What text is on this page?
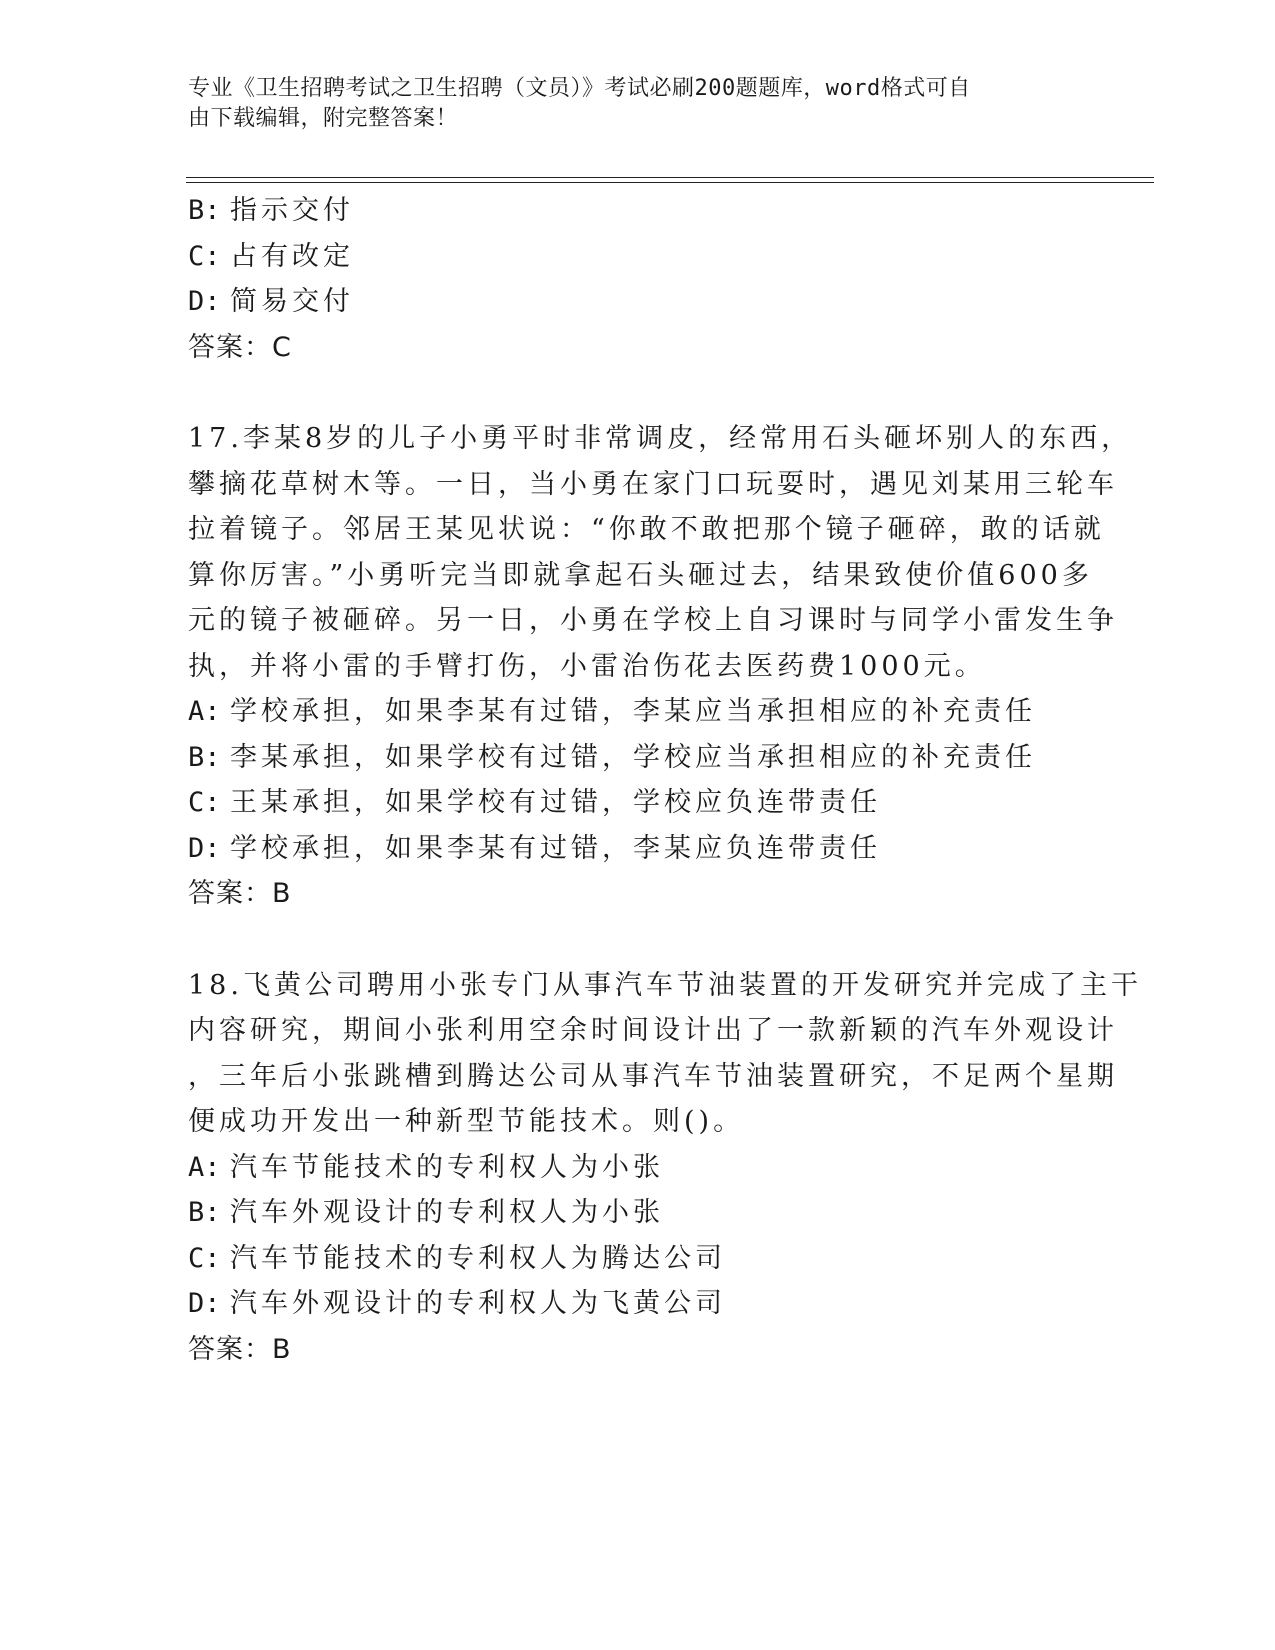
专业《卫生招聘考试之卫生招聘（文员）》考试必刷200题题库，word格式可自
由下载编辑，附完整答案！

B: 指示交付

C: 占有改定

D: 简易交付

答案：C

17.李某8岁的儿子小勇平时非常调皮，经常用石头砸坏别人的东西，

攀摘花草树木等。一日，当小勇在家门口玩耍时，遇见刘某用三轮车

拉着镜子。邻居王某见状说：“你敢不敢把那个镜子砸碎，敢的话就

算你厉害。”小勇听完当即就拿起石头砸过去，结果致使价值600多

元的镜子被砸碎。另一日，小勇在学校上自习课时与同学小雷发生争

执，并将小雷的手臂打伤，小雷治伤花去医药费1000元。

A: 学校承担，如果李某有过错，李某应当承担相应的补充责任

B: 李某承担，如果学校有过错，学校应当承担相应的补充责任

C: 王某承担，如果学校有过错，学校应负连带责任

D: 学校承担，如果李某有过错，李某应负连带责任

答案：B

18.飞黄公司聘用小张专门从事汽车节油装置的开发研究并完成了主干

内容研究，期间小张利用空余时间设计出了一款新颖的汽车外观设计

，三年后小张跳槽到腾达公司从事汽车节油装置研究，不足两个星期

便成功开发出一种新型节能技术。则()。

A: 汽车节能技术的专利权人为小张

B: 汽车外观设计的专利权人为小张

C: 汽车节能技术的专利权人为腾达公司

D: 汽车外观设计的专利权人为飞黄公司

答案：B
